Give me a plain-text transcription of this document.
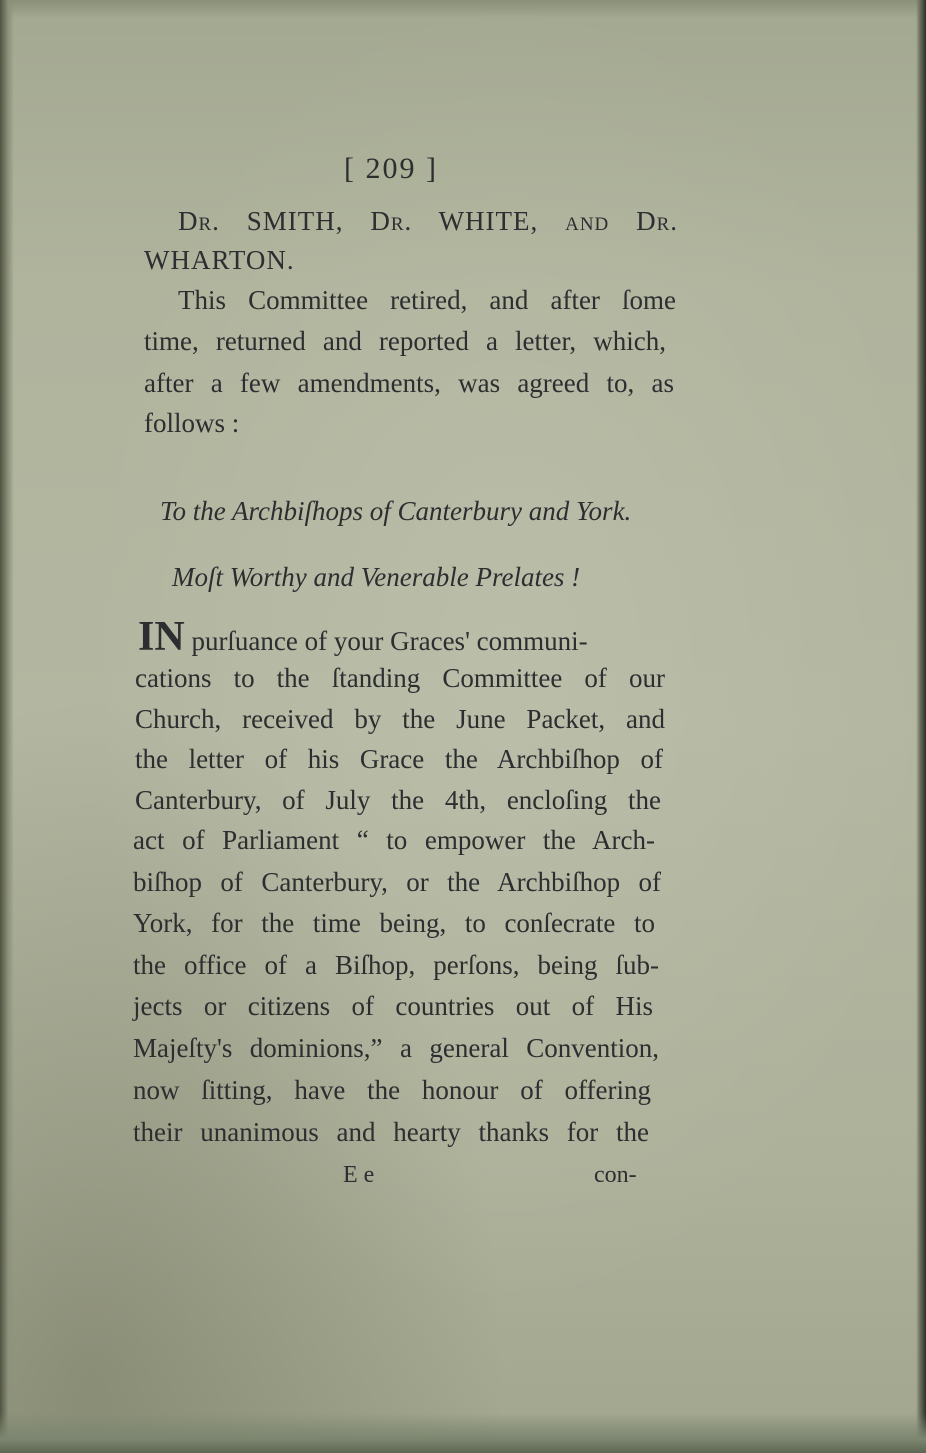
[ 209 ]
Dr. SMITH, Dr. WHITE, and Dr.
WHARTON.
This Committee retired, and after ſome
time, returned and reported a letter, which,
after a few amendments, was agreed to, as
follows :
To the Archbiſhops of Canterbury and York.
Moſt Worthy and Venerable Prelates !
IN purſuance of your Graces' communi-
cations to the ſtanding Committee of our
Church, received by the June Packet, and
the letter of his Grace the Archbiſhop of
Canterbury, of July the 4th, encloſing the
act of Parliament “ to empower the Arch-
biſhop of Canterbury, or the Archbiſhop of
York, for the time being, to conſecrate to
the office of a Biſhop, perſons, being ſub-
jects or citizens of countries out of His
Majeſty's dominions,” a general Convention,
now ſitting, have the honour of offering
their unanimous and hearty thanks for the
E e	con-
